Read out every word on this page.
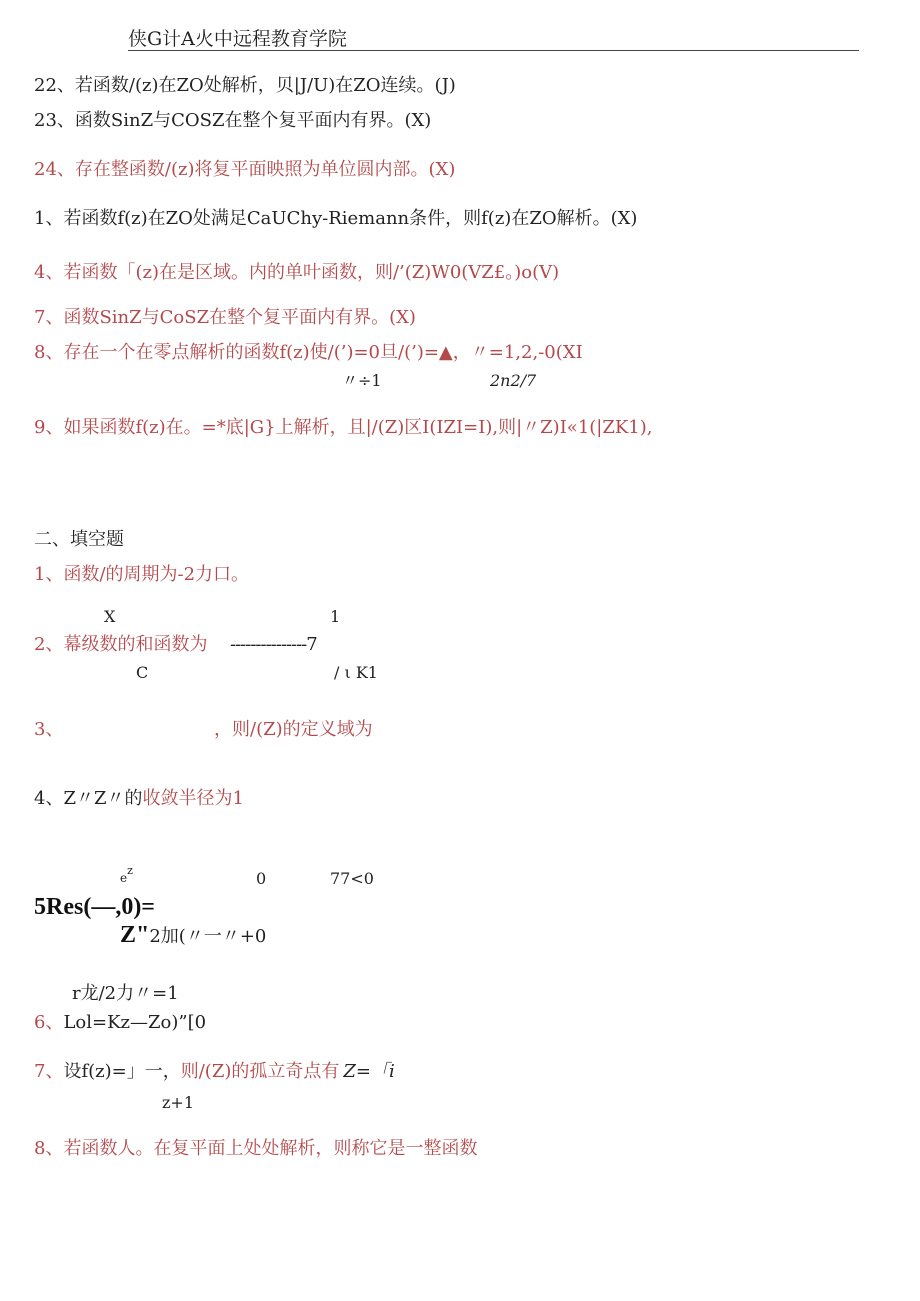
侠G计A火中远程教育学院
22、若函数/(z)在ZO处解析，贝|J/U)在ZO连续。(J)
23、函数SinZ与COSZ在整个复平面内有界。(X)
24、存在整函数/(z)将复平面映照为单位圆内部。(X)
1、若函数f(z)在ZO处满足CaUChy-Riemann条件，则f(z)在ZO解析。(X)
4、若函数「(z)在是区域。内的单叶函数，则/’(Z)W0(VZ£。)o(V)
7、函数SinZ与CoSZ在整个复平面内有界。(X)
8、存在一个在零点解析的函数f(z)使/(’)=0旦/(’)=▲，〃=1,2,-0(XI
〃÷1	2n2/7
9、如果函数f(z)在。=*底|G}上解析，且|/(Z)区I(IZI=I),则|〃Z)I«1(|ZK1),
二、填空题
1、函数/的周期为-2力口。
X	1
2、幕级数的和函数为 ---------------7
C	/ ι K1
3、	，则/(Z)的定义域为
4、Z〃Z〃的收敛半径为1
$e^z$	0	77<0
5Res(—,0)=
Z"2加(〃一〃+0
r龙/2力〃=1
6、Lol=Kz—Zo)”[0
7、设f(z)=」一，则/(Z)的孤立奇点有 Z=「i
z+1
8、若函数人。在复平面上处处解析，则称它是一整函数
